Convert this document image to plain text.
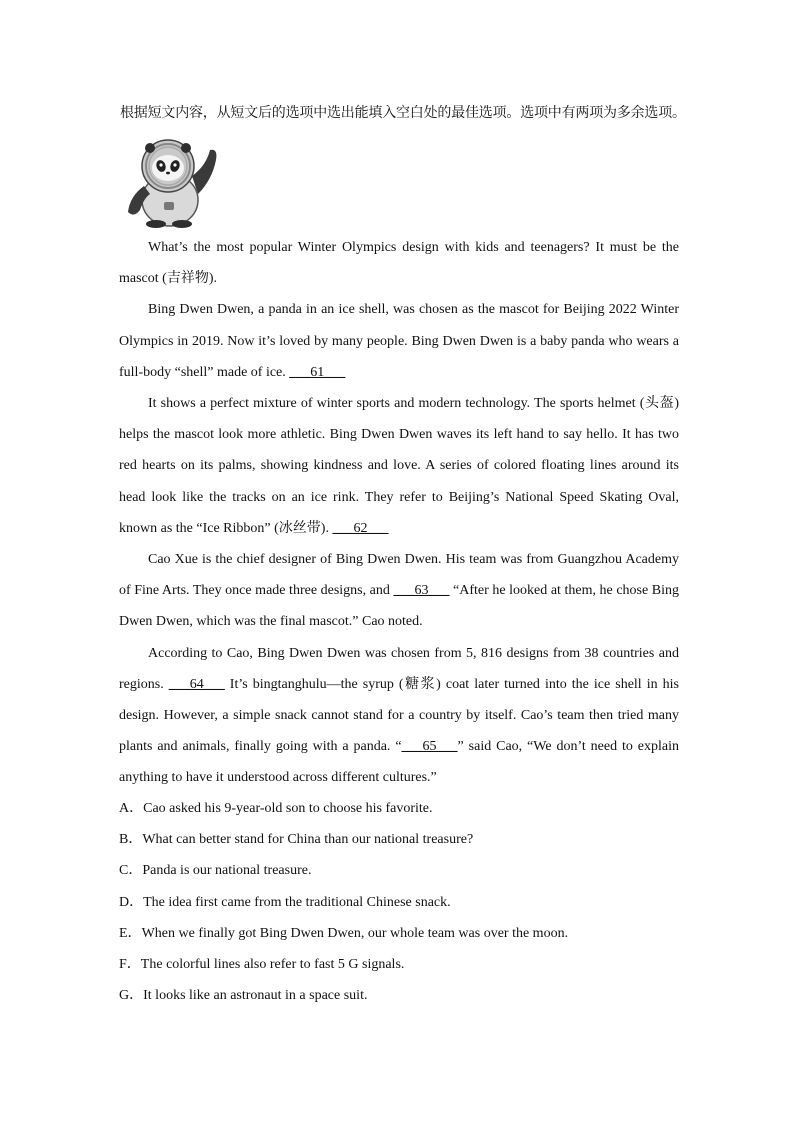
根据短文内容，从短文后的选项中选出能填入空白处的最佳选项。选项中有两项为多余选项。

What’s the most popular Winter Olympics design with kids and teenagers? It must be the mascot (吉祥物).

Bing Dwen Dwen, a panda in an ice shell, was chosen as the mascot for Beijing 2022 Winter Olympics in 2019. Now it’s loved by many people. Bing Dwen Dwen is a baby panda who wears a full-body “shell” made of ice. ___61___

It shows a perfect mixture of winter sports and modern technology. The sports helmet (头盔) helps the mascot look more athletic. Bing Dwen Dwen waves its left hand to say hello. It has two red hearts on its palms, showing kindness and love. A series of colored floating lines around its head look like the tracks on an ice rink. They refer to Beijing’s National Speed Skating Oval, known as the “Ice Ribbon” (冰丝带). ___62___

Cao Xue is the chief designer of Bing Dwen Dwen. His team was from Guangzhou Academy of Fine Arts. They once made three designs, and ___63___ “After he looked at them, he chose Bing Dwen Dwen, which was the final mascot.” Cao noted.

According to Cao, Bing Dwen Dwen was chosen from 5, 816 designs from 38 countries and regions. ___64___ It’s bingtanghulu—the syrup (糖浆) coat later turned into the ice shell in his design. However, a simple snack cannot stand for a country by itself. Cao’s team then tried many plants and animals, finally going with a panda. “___65___” said Cao, “We don’t need to explain anything to have it understood across different cultures.”

A．Cao asked his 9-year-old son to choose his favorite.
B．What can better stand for China than our national treasure?
C．Panda is our national treasure.
D．The idea first came from the traditional Chinese snack.
E．When we finally got Bing Dwen Dwen, our whole team was over the moon.
F．The colorful lines also refer to fast 5 G signals.
G．It looks like an astronaut in a space suit.
